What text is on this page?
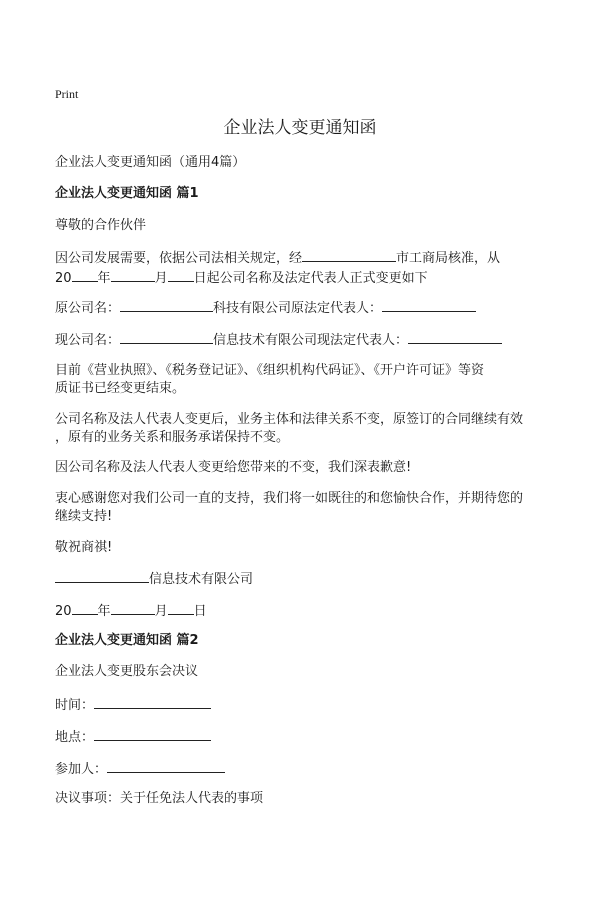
Print
企业法人变更通知函
企业法人变更通知函（通用4篇）
企业法人变更通知函 篇1
尊敬的合作伙伴
因公司发展需要，依据公司法相关规定，经	市工商局核准，从
20 年	月 日起公司名称及法定代表人正式变更如下
原公司名：	科技有限公司原法定代表人：
现公司名：	信息技术有限公司现法定代表人：
目前《营业执照》、《税务登记证》、《组织机构代码证》、《开户许可证》等资
质证书已经变更结束。
公司名称及法人代表人变更后，业务主体和法律关系不变，原签订的合同继续有效
，原有的业务关系和服务承诺保持不变。
因公司名称及法人代表人变更给您带来的不变，我们深表歉意!
衷心感谢您对我们公司一直的支持，我们将一如既往的和您愉快合作，并期待您的
继续支持!
敬祝商祺!
信息技术有限公司
20 年	月 日
企业法人变更通知函 篇2
企业法人变更股东会决议
时间：
地点：
参加人：
决议事项：关于任免法人代表的事项
